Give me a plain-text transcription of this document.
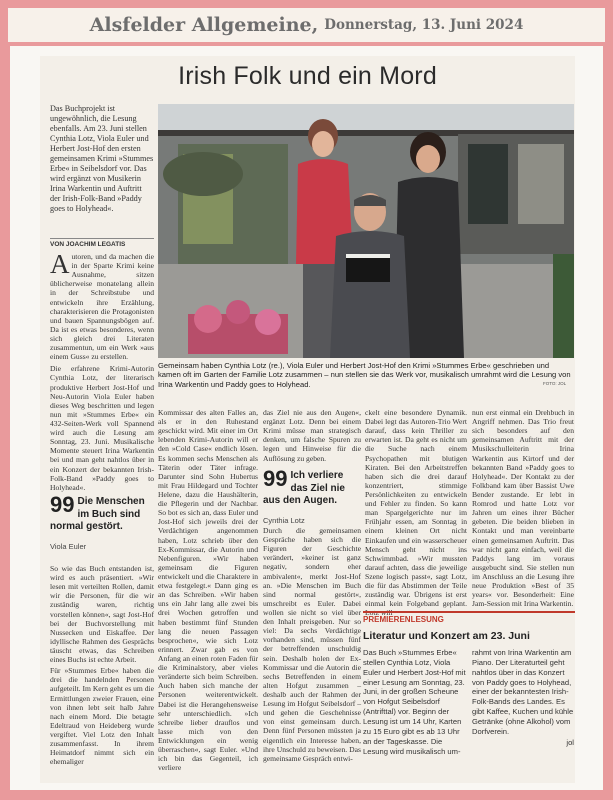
Alsfelder Allgemeine, Donnerstag, 13. Juni 2024
Irish Folk und ein Mord
Das Buchprojekt ist ungewöhnlich, die Lesung ebenfalls. Am 23. Juni stellen Cynthia Lotz, Viola Euler und Herbert Jost-Hof den ersten gemeinsamen Krimi »Stummes Erbe« in Seibelsdorf vor. Das wird ergänzt von Musikerin Irina Warkentin und Auftritt der Irish-Folk-Band »Paddy goes to Holyhead«.
VON JOACHIM LEGATIS

Autoren, und da machen die in der Sparte Krimi keine Ausnahme, sitzen üblicherweise monatelang allein in der Schreibstube und entwickeln ihre Erzählung, charakterisieren die Protagonisten und bauen Spannungsbögen auf. Da ist es etwas besonderes, wenn sich gleich drei Literaten zusammentun, um ein Werk »aus einem Guss« zu erstellen.

Die erfahrene Krimi-Autorin Cynthia Lotz, der literarisch produktive Herbert Jost-Hof und Neu-Autorin Viola Euler haben dieses Weg beschritten und legen nun mit »Stummes Erbe« ein 432-Seiten-Werk voll Spannend wird auch die Lesung am Sonntag, 23. Juni. Musikalische Momente steuert Irina Warkentin bei und man geht nahtlos über in ein Konzert der bekannten Irish-Folk-Band »Paddy goes to Holyhead«.

99 Die Menschen im Buch sind normal gestört.
Viola Euler

So wie das Buch entstanden ist, wird es auch präsentiert. »Wir lesen mit verteilten Rollen, damit wir die Personen, für die wir zuständig waren, richtig vorstellen können«, sagt Jost-Hof bei der Buchvorstellung mit Nussecken und Eiskaffee. Der idyllische Rahmen des Gesprächs täuscht etwas, das Schreiben eines Buchs ist echte Arbeit.

Für »Stummes Erbe« haben die drei die handelnden Personen aufgeteilt. Im Kern geht es um die Ermittlungen zweier Frauen, eine von ihnen lebt seit halb Jahre nach einem Mord. Die betagte Edeltraud von Heideberg wurde vergiftet. Viel Lotz den Inhalt zusammenfasst. In ihrem Heimatdorf nimmt sich ein ehemaliger

Gemeinsam haben Cynthia Lotz (re.), Viola Euler und Herbert Jost-Hof den Krimi »Stummes Erbe« geschrieben und kamen oft im Garten der Familie Lotz zusammen – nun stellen sie das Werk vor, musikalisch umrahmt wird die Lesung von Irina Warkentin und Paddy goes to Holyhead.	FOTO: JOL

Kommissar des alten Falles an, als er in den Ruhestand geschickt wird. Mit einer im Ort lebenden Krimi-Autorin will er den »Cold Case« endlich lösen. Es kommen sechs Menschen als Täterin oder Täter infrage. Darunter sind Sohn Hubertus mit Frau Hildegard und Tochter Helene, dazu die Haushälterin, die Pflegerin und der Nachbar. So bot es sich an, dass Euler und Jost-Hof sich jeweils drei der Verdächtigen angenommen haben, Lotz schrieb über den Ex-Kommissar, die Autorin und Nebenfiguren. »Wir haben gemeinsam die Figuren entwickelt und die Charaktere in etwa festgelegt.« Dann ging es an das Schreiben. »Wir haben uns ein Jahr lang alle zwei bis drei Wochen getroffen und haben bestimmt fünf Stunden lang die neuen Passagen besprochen«, wie sich Lotz erinnert. Zwar gab es von Anfang an einen roten Faden für die Kriminalstory, aber vieles veränderte sich beim Schreiben. Auch haben sich manche der Personen weiterentwickelt. Dabei ist die Herangehensweise sehr unterschiedlich. »Ich schreibe lieber drauflos und lasse mich von den Entwicklungen ein wenig überraschen«, sagt Euler. »Und ich bin das Gegenteil, ich verliere

das Ziel nie aus den Augen«, ergänzt Lotz. Denn bei einem Krimi müsse man strategisch denken, um falsche Spuren zu legen und Hinweise für die Auflösung zu geben.

99 Ich verliere das Ziel nie aus den Augen.
Cynthia Lotz

Durch die gemeinsamen Gespräche haben sich die Figuren der Geschichte verändert, »keiner ist ganz negativ, sondern eher ambivalent«, merkt Jost-Hof an. »Die Menschen im Buch sind normal gestört«, umschreibt es Euler. Dabei wollen sie nicht so viel über den Inhalt preisgeben. Nur so viel: Da sechs Verdächtige vorhanden sind, müssen fünf der betreffenden unschuldig sein. Deshalb holen der Ex-Kommissar und die Autorin die sechs Betreffenden in einem alten Hofgut zusammen – deshalb auch der Rahmen der Lesung im Hofgut Seibelsdorf – und gehen die Geschehnisse von einst gemeinsam durch. Denn fünf Personen müssten ja eigentlich ein Interesse haben, ihre Unschuld zu beweisen. Das gemeinsame Gespräch entwi-

ckelt eine besondere Dynamik. Dabei legt das Autoren-Trio Wert darauf, dass kein Thriller zu erwarten ist. Da geht es nicht um die Suche nach einem Psychopathen mit blutigen Kiraten. Bei den Arbeitstreffen haben sich die drei darauf konzentriert, stimmige Persönlichkeiten zu entwickeln und Fehler zu finden. So kann man Spargelgerichte nur im Frühjahr essen, am Sonntag in einem kleinen Ort nicht Einkaufen und ein wasserscheuer Mensch geht nicht ins Schwimmbad. »Wir mussten darauf achten, dass die jeweilige Szene logisch passt«, sagt Lotz, die für das Abstimmen der Teile zuständig war. Übrigens ist erst einmal kein Folgeband geplant. Lotz will

nun erst einmal ein Drehbuch in Angriff nehmen. Das Trio freut sich besonders auf den gemeinsamen Auftritt mit der Musikschulleiterin Irina Warkentin aus Kirtorf und der bekannten Band »Paddy goes to Holyhead«. Der Kontakt zu der Folkband kam über Bassist Uwe Bender zustande. Er lebt in Romrod und hatte Lotz vor Jahren um eines ihrer Bücher gebeten. Die beiden blieben in Kontakt und man vereinbarte einen gemeinsamen Auftritt. Das war nicht ganz einfach, weil die Paddys lang im voraus ausgebucht sind. Sie stellen nun im Anschluss an die Lesung ihre neue Produktion »Best of 35 years« vor. Besonderheit: Eine Jam-Session mit Irina Warkentin.

PREMIERENLESUNG
Literatur und Konzert am 23. Juni

Das Buch »Stummes Erbe« stellen Cynthia Lotz, Viola Euler und Herbert Jost-Hof mit einer Lesung am Sonntag, 23. Juni, in der großen Scheune von Hofgut Seibelsdorf (Antrifttal) vor. Beginn der Lesung ist um 14 Uhr, Karten zu 15 Euro gibt es ab 13 Uhr an der Tageskasse. Die Lesung wird musikalisch um-

rahmt von Irina Warkentin am Piano. Der Literaturteil geht nahtlos über in das Konzert von Paddy goes to Holyhead, einer der bekanntesten Irish-Folk-Bands des Landes. Es gibt Kaffee, Kuchen und kühle Getränke (ohne Alkohol) vom Dorfverein.

jol
